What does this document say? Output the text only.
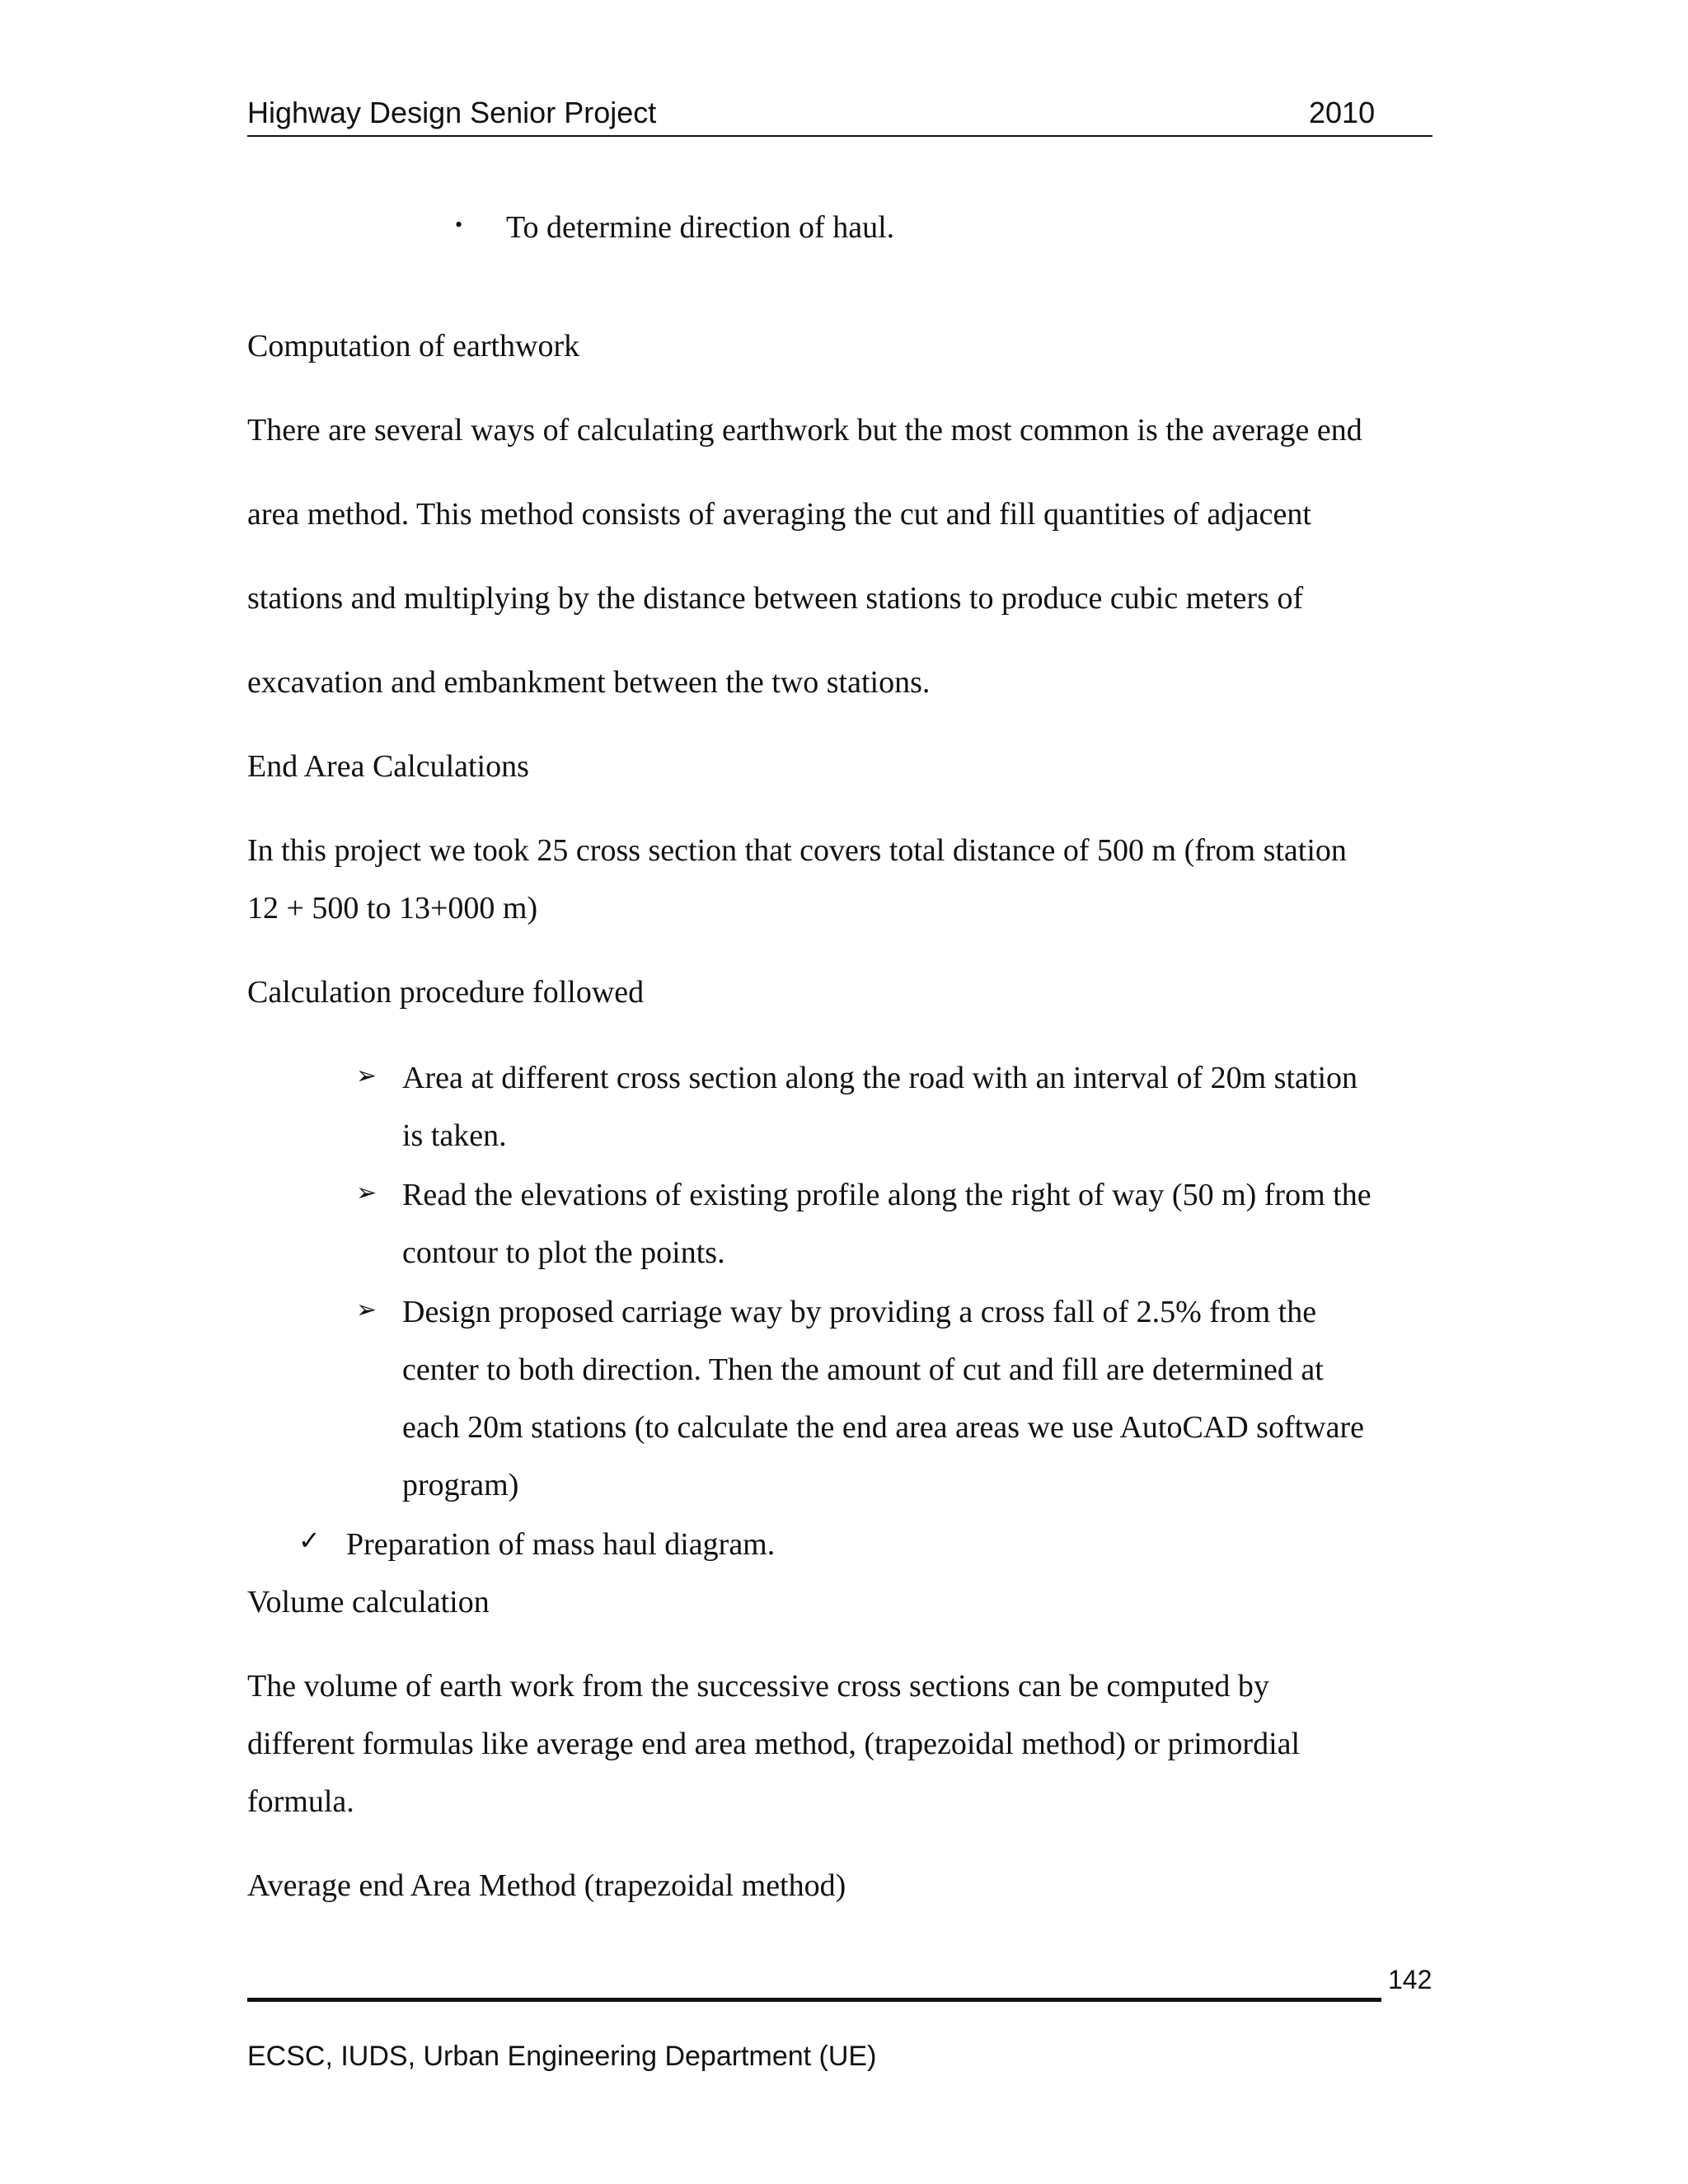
Highway Design Senior Project	2010
• To determine direction of haul.
Computation of earthwork
There are several ways of calculating earthwork but the most common is the average end
area method. This method consists of averaging the cut and fill quantities of adjacent
stations and multiplying by the distance between stations to produce cubic meters of
excavation and embankment between the two stations.
End Area Calculations
In this project we took 25 cross section that covers total distance of 500 m (from station
12 + 500 to 13+000 m)
Calculation procedure followed
➢ Area at different cross section along the road with an interval of 20m station
is taken.
➢ Read the elevations of existing profile along the right of way (50 m) from the
contour to plot the points.
➢ Design proposed carriage way by providing a cross fall of 2.5% from the
center to both direction. Then the amount of cut and fill are determined at
each 20m stations (to calculate the end area areas we use AutoCAD software
program)
✓ Preparation of mass haul diagram.
Volume calculation
The volume of earth work from the successive cross sections can be computed by
different formulas like average end area method, (trapezoidal method) or primordial
formula.
Average end Area Method (trapezoidal method)
142
ECSC, IUDS, Urban Engineering Department (UE)
